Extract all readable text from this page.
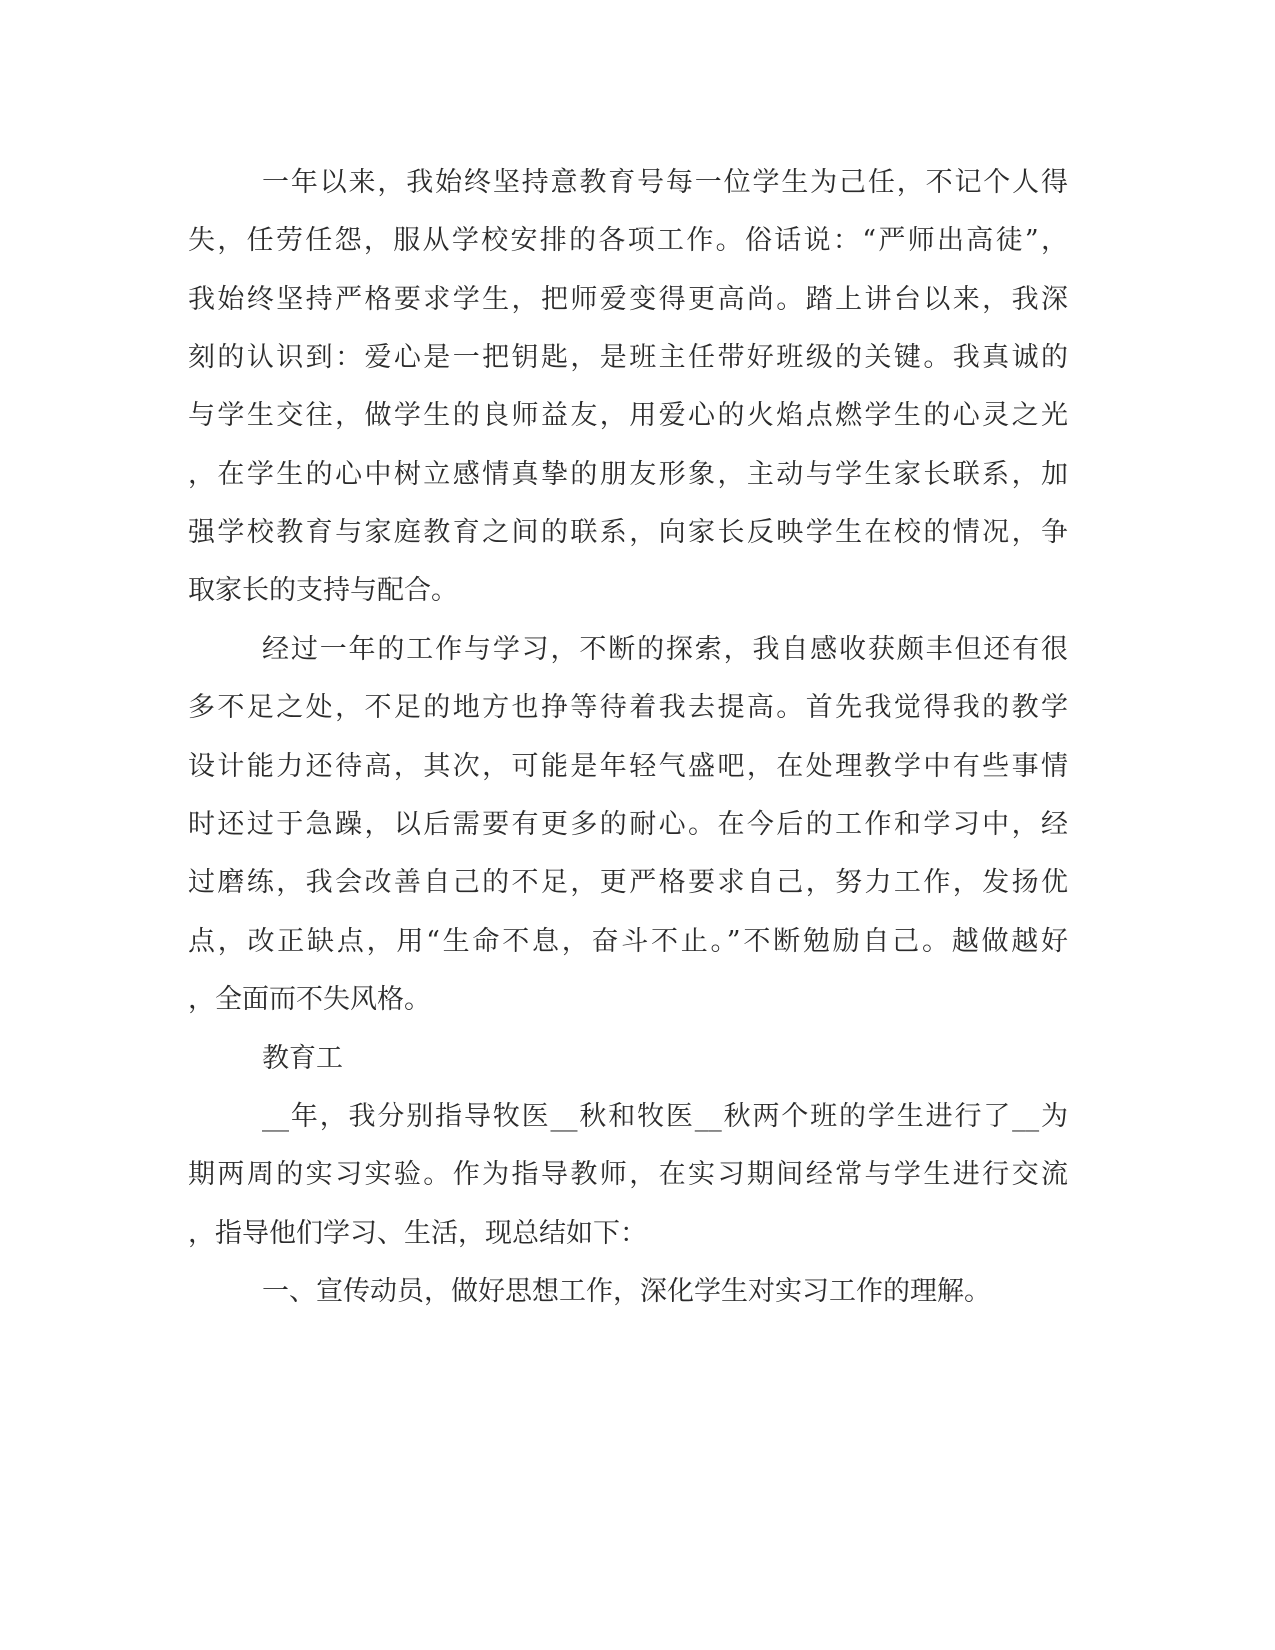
一年以来，我始终坚持意教育号每一位学生为己任，不记个人得
失，任劳任怨，服从学校安排的各项工作。俗话说：“严师出高徒”，
我始终坚持严格要求学生，把师爱变得更高尚。踏上讲台以来，我深
刻的认识到：爱心是一把钥匙，是班主任带好班级的关键。我真诚的
与学生交往，做学生的良师益友，用爱心的火焰点燃学生的心灵之光
，在学生的心中树立感情真挚的朋友形象，主动与学生家长联系，加
强学校教育与家庭教育之间的联系，向家长反映学生在校的情况，争
取家长的支持与配合。
经过一年的工作与学习，不断的探索，我自感收获颇丰但还有很
多不足之处，不足的地方也挣等待着我去提高。首先我觉得我的教学
设计能力还待高，其次，可能是年轻气盛吧，在处理教学中有些事情
时还过于急躁，以后需要有更多的耐心。在今后的工作和学习中，经
过磨练，我会改善自己的不足，更严格要求自己，努力工作，发扬优
点，改正缺点，用“生命不息，奋斗不止。”不断勉励自己。越做越好
，全面而不失风格。
教育工
__年，我分别指导牧医__秋和牧医__秋两个班的学生进行了__为
期两周的实习实验。作为指导教师，在实习期间经常与学生进行交流
，指导他们学习、生活，现总结如下：
一、宣传动员，做好思想工作，深化学生对实习工作的理解。
